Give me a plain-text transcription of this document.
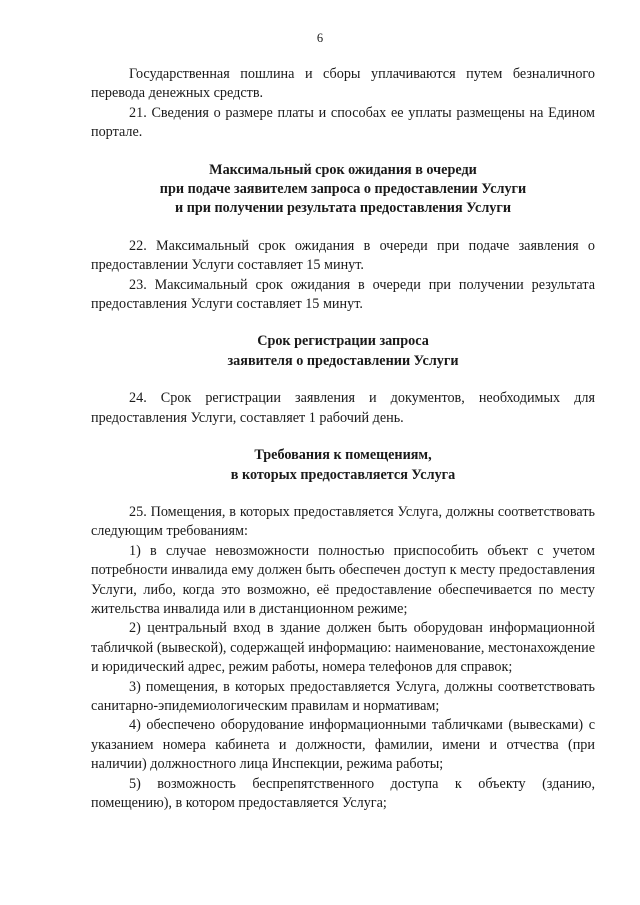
6

Государственная пошлина и сборы уплачиваются путем безналичного перевода денежных средств.

21. Сведения о размере платы и способах ее уплаты размещены на Едином портале.

Максимальный срок ожидания в очереди
при подаче заявителем запроса о предоставлении Услуги
и при получении результата предоставления Услуги

22. Максимальный срок ожидания в очереди при подаче заявления о предоставлении Услуги составляет 15 минут.

23. Максимальный срок ожидания в очереди при получении результата предоставления Услуги составляет 15 минут.

Срок регистрации запроса
заявителя о предоставлении Услуги

24. Срок регистрации заявления и документов, необходимых для предоставления Услуги, составляет 1 рабочий день.

Требования к помещениям,
в которых предоставляется Услуга

25. Помещения, в которых предоставляется Услуга, должны соответствовать следующим требованиям:

1) в случае невозможности полностью приспособить объект с учетом потребности инвалида ему должен быть обеспечен доступ к месту предоставления Услуги, либо, когда это возможно, её предоставление обеспечивается по месту жительства инвалида или в дистанционном режиме;

2) центральный вход в здание должен быть оборудован информационной табличкой (вывеской), содержащей информацию: наименование, местонахождение и юридический адрес, режим работы, номера телефонов для справок;

3) помещения, в которых предоставляется Услуга, должны соответствовать санитарно-эпидемиологическим правилам и нормативам;

4) обеспечено оборудование информационными табличками (вывесками) с указанием номера кабинета и должности, фамилии, имени и отчества (при наличии) должностного лица Инспекции, режима работы;

5) возможность беспрепятственного доступа к объекту (зданию, помещению), в котором предоставляется Услуга;
